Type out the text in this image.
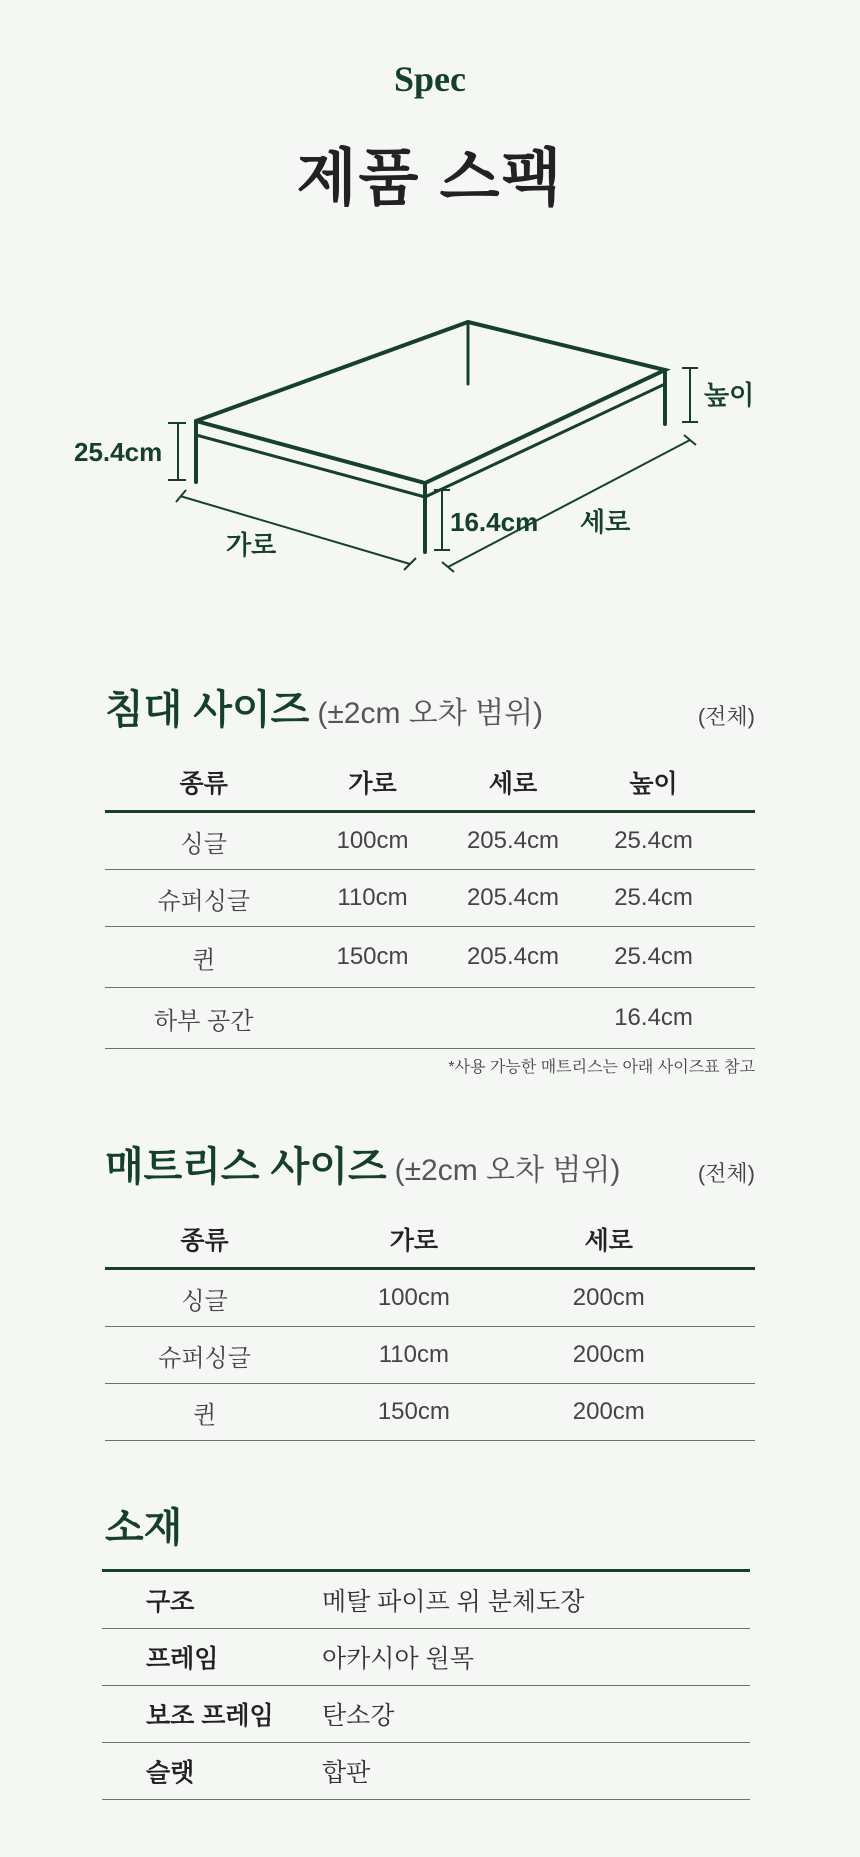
Spec
제품 스팩
25.4cm
16.4cm
가로
세로
높이
침대 사이즈 (±2cm 오차 범위)	(전체)
종류	가로	세로	높이	
싱글	100cm	205.4cm	25.4cm	
슈퍼싱글	110cm	205.4cm	25.4cm	
퀸	150cm	205.4cm	25.4cm	
하부 공간			16.4cm	
*사용 가능한 매트리스는 아래 사이즈표 참고
매트리스 사이즈 (±2cm 오차 범위)	(전체)
종류	가로	세로	
싱글	100cm	200cm	
슈퍼싱글	110cm	200cm	
퀸	150cm	200cm	
소재
구조	메탈 파이프 위 분체도장
프레임	아카시아 원목
보조 프레임	탄소강
슬랫	합판
